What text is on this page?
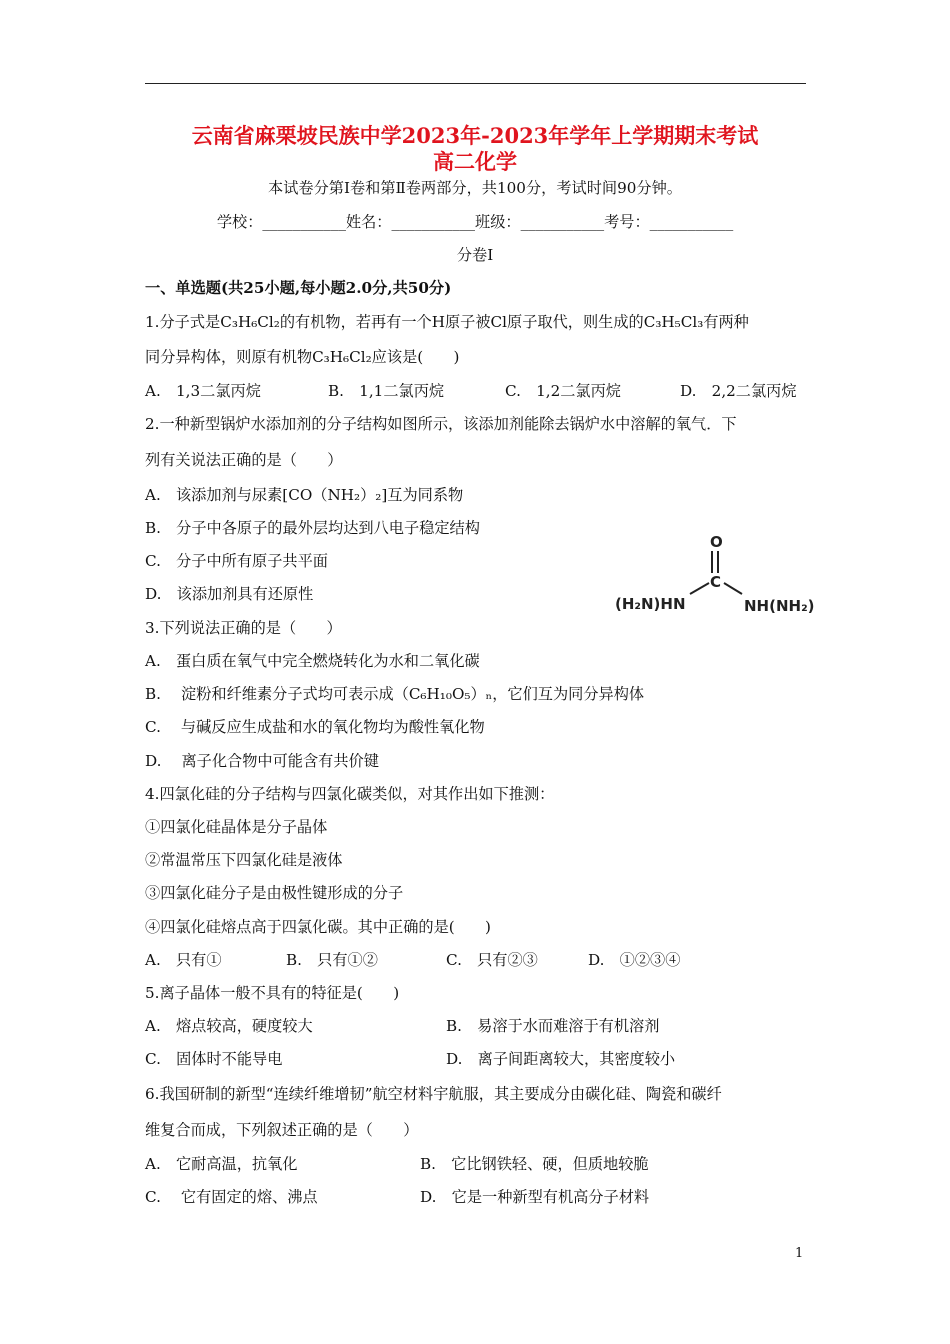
云南省麻栗坡民族中学2023年-2023年学年上学期期末考试
高二化学
本试卷分第Ⅰ卷和第Ⅱ卷两部分，共100分，考试时间90分钟。
学校：___________姓名：___________班级：___________考号：___________
分卷I
一、单选题(共25小题,每小题2.0分,共50分)
1.分子式是C₃H₆Cl₂的有机物，若再有一个H原子被Cl原子取代，则生成的C₃H₅Cl₃有两种
同分异构体，则原有机物C₃H₆Cl₂应该是(　　)
A.　1,3二氯丙烷	B.　1,1二氯丙烷	C.　1,2二氯丙烷	D.　2,2二氯丙烷
2.一种新型锅炉水添加剂的分子结构如图所示，该添加剂能除去锅炉水中溶解的氧气．下
列有关说法正确的是（　　）
A.　该添加剂与尿素[CO（NH₂）₂]互为同系物
B.　分子中各原子的最外层均达到八电子稳定结构
C.　分子中所有原子共平面
D.　该添加剂具有还原性
O
C
(H₂N)HN	NH(NH₂)
3.下列说法正确的是（　　）
A.　蛋白质在氧气中完全燃烧转化为水和二氧化碳
B.　 淀粉和纤维素分子式均可表示成（C₆H₁₀O₅）ₙ，它们互为同分异构体
C.　 与碱反应生成盐和水的氧化物均为酸性氧化物
D.　 离子化合物中可能含有共价键
4.四氯化硅的分子结构与四氯化碳类似，对其作出如下推测：
①四氯化硅晶体是分子晶体
②常温常压下四氯化硅是液体
③四氯化硅分子是由极性键形成的分子
④四氯化硅熔点高于四氯化碳。其中正确的是(　　)
A.　只有①	B.　只有①②	C.　只有②③	D.　①②③④
5.离子晶体一般不具有的特征是(　　)
A.　熔点较高，硬度较大	B.　易溶于水而难溶于有机溶剂
C.　固体时不能导电	D.　离子间距离较大，其密度较小
6.我国研制的新型“连续纤维增韧”航空材料宇航服，其主要成分由碳化硅、陶瓷和碳纤
维复合而成，下列叙述正确的是（　　）
A.　它耐高温，抗氧化	B.　它比钢铁轻、硬，但质地较脆
C.　 它有固定的熔、沸点	D.　它是一种新型有机高分子材料
1
